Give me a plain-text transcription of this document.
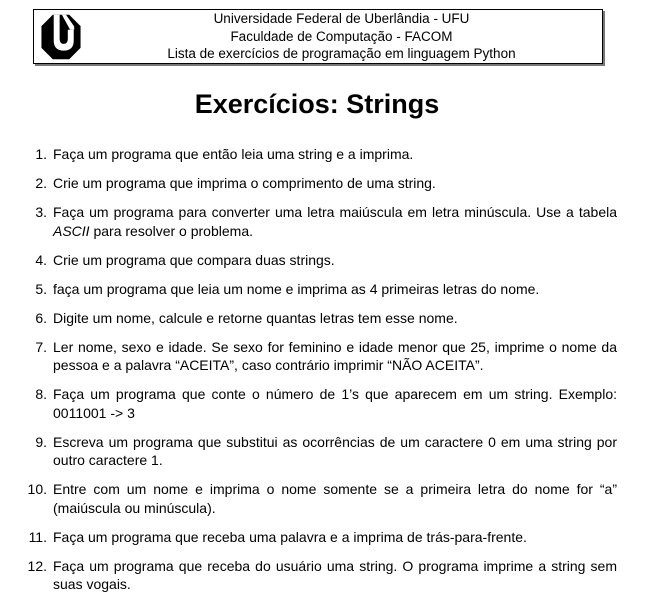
Universidade Federal de Uberlândia - UFU
Faculdade de Computação - FACOM
Lista de exercícios de programação em linguagem Python
Exercícios: Strings
1. Faça um programa que então leia uma string e a imprima.
2. Crie um programa que imprima o comprimento de uma string.
3. Faça um programa para converter uma letra maiúscula em letra minúscula. Use a tabela ASCII para resolver o problema.
4. Crie um programa que compara duas strings.
5. faça um programa que leia um nome e imprima as 4 primeiras letras do nome.
6. Digite um nome, calcule e retorne quantas letras tem esse nome.
7. Ler nome, sexo e idade. Se sexo for feminino e idade menor que 25, imprime o nome da pessoa e a palavra “ACEITA”, caso contrário imprimir “NÃO ACEITA”.
8. Faça um programa que conte o número de 1’s que aparecem em um string. Exemplo: 0011001 -> 3
9. Escreva um programa que substitui as ocorrências de um caractere 0 em uma string por outro caractere 1.
10. Entre com um nome e imprima o nome somente se a primeira letra do nome for “a” (maiúscula ou minúscula).
11. Faça um programa que receba uma palavra e a imprima de trás-para-frente.
12. Faça um programa que receba do usuário uma string. O programa imprime a string sem suas vogais.
